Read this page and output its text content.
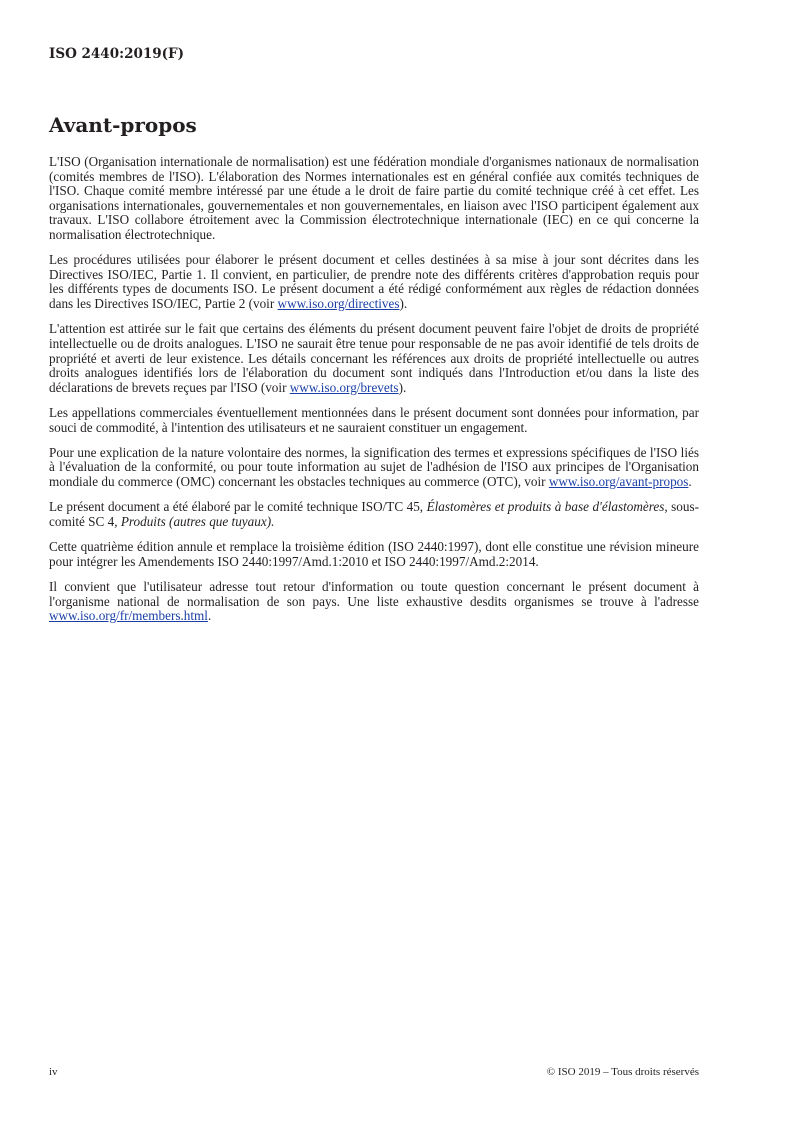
ISO 2440:2019(F)
Avant-propos

L'ISO (Organisation internationale de normalisation) est une fédération mondiale d'organismes nationaux de normalisation (comités membres de l'ISO). L'élaboration des Normes internationales est en général confiée aux comités techniques de l'ISO. Chaque comité membre intéressé par une étude a le droit de faire partie du comité technique créé à cet effet. Les organisations internationales, gouvernementales et non gouvernementales, en liaison avec l'ISO participent également aux travaux. L'ISO collabore étroitement avec la Commission électrotechnique internationale (IEC) en ce qui concerne la normalisation électrotechnique.

Les procédures utilisées pour élaborer le présent document et celles destinées à sa mise à jour sont décrites dans les Directives ISO/IEC, Partie 1. Il convient, en particulier, de prendre note des différents critères d'approbation requis pour les différents types de documents ISO. Le présent document a été rédigé conformément aux règles de rédaction données dans les Directives ISO/IEC, Partie 2 (voir www.iso.org/directives).

L'attention est attirée sur le fait que certains des éléments du présent document peuvent faire l'objet de droits de propriété intellectuelle ou de droits analogues. L'ISO ne saurait être tenue pour responsable de ne pas avoir identifié de tels droits de propriété et averti de leur existence. Les détails concernant les références aux droits de propriété intellectuelle ou autres droits analogues identifiés lors de l'élaboration du document sont indiqués dans l'Introduction et/ou dans la liste des déclarations de brevets reçues par l'ISO (voir www.iso.org/brevets).

Les appellations commerciales éventuellement mentionnées dans le présent document sont données pour information, par souci de commodité, à l'intention des utilisateurs et ne sauraient constituer un engagement.

Pour une explication de la nature volontaire des normes, la signification des termes et expressions spécifiques de l'ISO liés à l'évaluation de la conformité, ou pour toute information au sujet de l'adhésion de l'ISO aux principes de l'Organisation mondiale du commerce (OMC) concernant les obstacles techniques au commerce (OTC), voir www.iso.org/avant-propos.

Le présent document a été élaboré par le comité technique ISO/TC 45, Élastomères et produits à base d'élastomères, sous-comité SC 4, Produits (autres que tuyaux).

Cette quatrième édition annule et remplace la troisième édition (ISO 2440:1997), dont elle constitue une révision mineure pour intégrer les Amendements ISO 2440:1997/Amd.1:2010 et ISO 2440:1997/Amd.2:2014.

Il convient que l'utilisateur adresse tout retour d'information ou toute question concernant le présent document à l'organisme national de normalisation de son pays. Une liste exhaustive desdits organismes se trouve à l'adresse www.iso.org/fr/members.html.

iv	© ISO 2019 – Tous droits réservés
